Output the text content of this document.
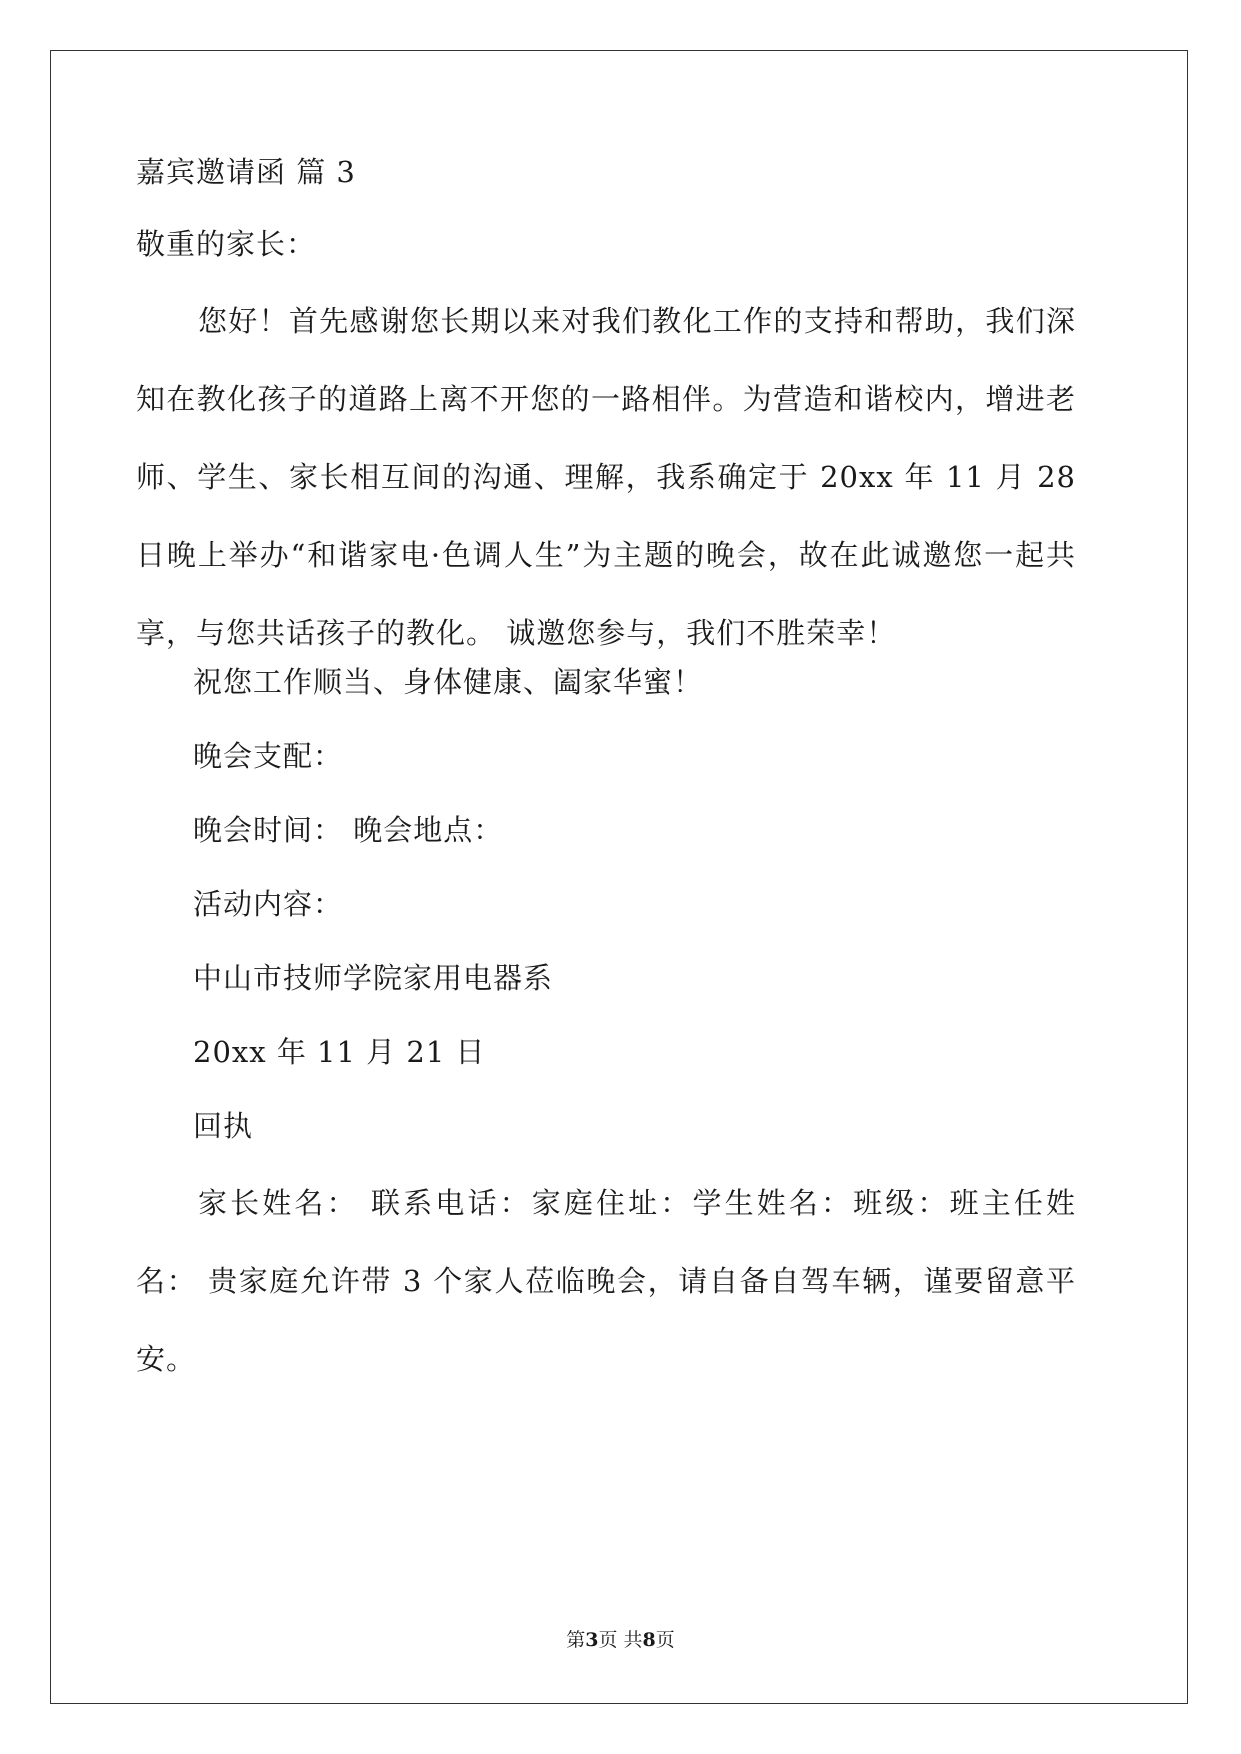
嘉宾邀请函 篇 3
敬重的家长：
您好！首先感谢您长期以来对我们教化工作的支持和帮助，我们深知在教化孩子的道路上离不开您的一路相伴。为营造和谐校内，增进老师、学生、家长相互间的沟通、理解，我系确定于 20xx 年 11 月 28 日晚上举办“和谐家电·色调人生”为主题的晚会，故在此诚邀您一起共享，与您共话孩子的教化。 诚邀您参与，我们不胜荣幸！
祝您工作顺当、身体健康、阖家华蜜！
晚会支配：
晚会时间： 晚会地点：
活动内容：
中山市技师学院家用电器系
20xx 年 11 月 21 日
回执
家长姓名： 联系电话：家庭住址：学生姓名：班级：班主任姓名： 贵家庭允许带 3 个家人莅临晚会，请自备自驾车辆，谨要留意平安。
第3页 共8页
